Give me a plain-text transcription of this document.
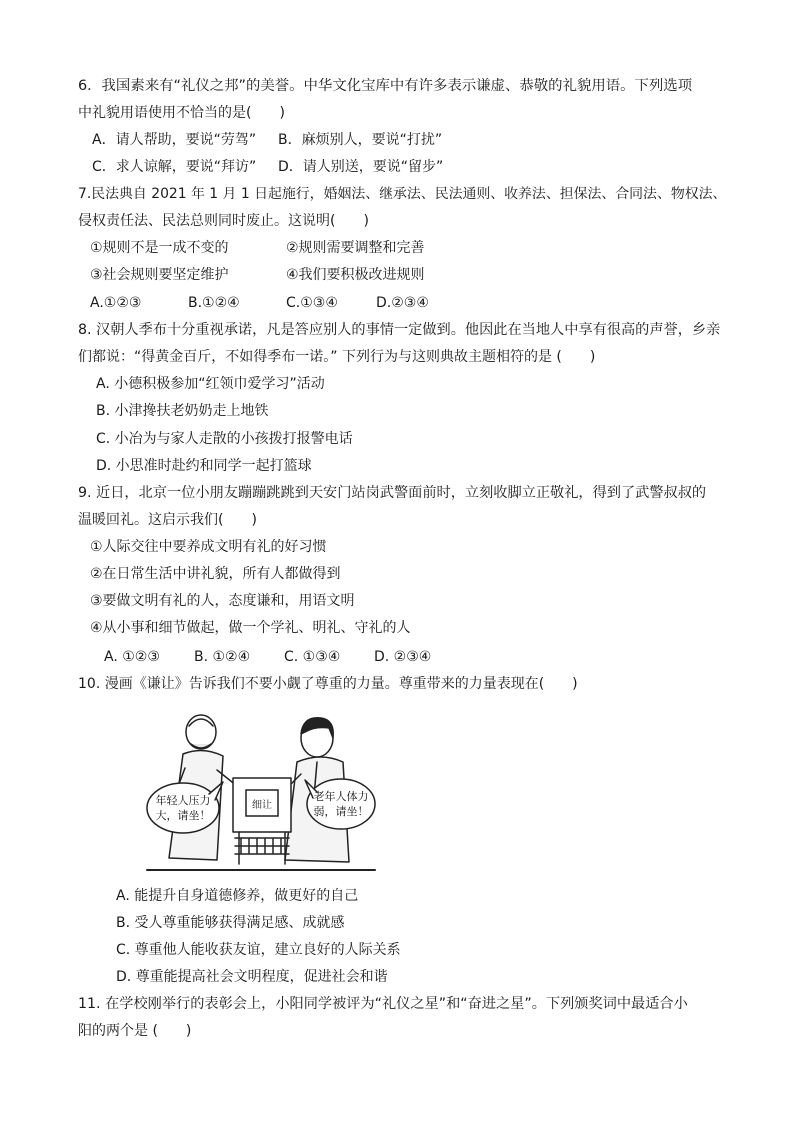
6．我国素来有“礼仪之邦”的美誉。中华文化宝库中有许多表示谦虚、恭敬的礼貌用语。下列选项
中礼貌用语使用不恰当的是(　　)
A．请人帮助，要说“劳驾” B．麻烦别人，要说“打扰”
C．求人谅解，要说“拜访” D．请人别送，要说“留步”
7.民法典自 2021 年 1 月 1 日起施行，婚姻法、继承法、民法通则、收养法、担保法、合同法、物权法、
侵权责任法、民法总则同时废止。这说明(　　)
①规则不是一成不变的	②规则需要调整和完善
③社会规则要坚定维护	④我们要积极改进规则
A.①②③	B.①②④	C.①③④	D.②③④
8. 汉朝人季布十分重视承诺，凡是答应别人的事情一定做到。他因此在当地人中享有很高的声誉，乡亲
们都说：“得黄金百斤，不如得季布一诺。” 下列行为与这则典故主题相符的是 (　　)
A. 小德积极参加“红领巾爱学习”活动
B. 小津搀扶老奶奶走上地铁
C. 小冶为与家人走散的小孩拨打报警电话
D. 小思准时赴约和同学一起打篮球
9. 近日，北京一位小朋友蹦蹦跳跳到天安门站岗武警面前时，立刻收脚立正敬礼，得到了武警叔叔的
温暖回礼。这启示我们(　　)
①人际交往中要养成文明有礼的好习惯
②在日常生活中讲礼貌，所有人都做得到
③要做文明有礼的人，态度谦和，用语文明
④从小事和细节做起，做一个学礼、明礼、守礼的人
A. ①②③ B. ①②④ C. ①③④ D. ②③④
10. 漫画《谦让》告诉我们不要小觑了尊重的力量。尊重带来的力量表现在(　　)
细让
年轻人压力
大，请坐！
老年人体力
弱，请坐！
A. 能提升自身道德修养，做更好的自己
B. 受人尊重能够获得满足感、成就感
C. 尊重他人能收获友谊，建立良好的人际关系
D. 尊重能提高社会文明程度，促进社会和谐
11. 在学校刚举行的表彰会上，小阳同学被评为“礼仪之星”和“奋进之星”。下列颁奖词中最适合小
阳的两个是 (　　)
